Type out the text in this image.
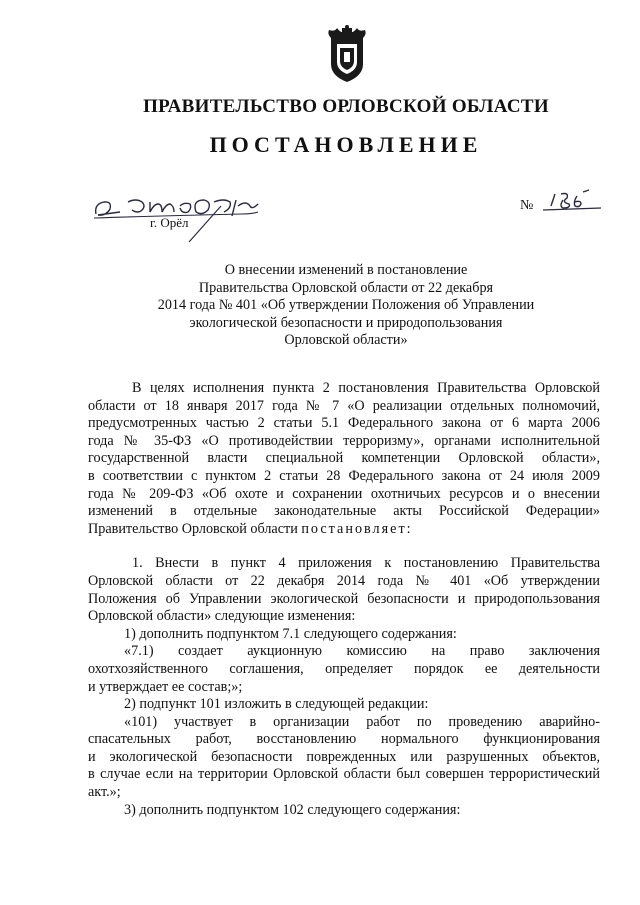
ПРАВИТЕЛЬСТВО ОРЛОВСКОЙ ОБЛАСТИ
ПОСТАНОВЛЕНИЕ
г. Орёл
№
О внесении изменений в постановление
Правительства Орловской области от 22 декабря
2014 года № 401 «Об утверждении Положения об Управлении
экологической безопасности и природопользования
Орловской области»
В целях исполнения пункта 2 постановления Правительства Орловской
области от 18 января 2017 года № 7 «О реализации отдельных полномочий,
предусмотренных частью 2 статьи 5.1 Федерального закона от 6 марта 2006
года № 35-ФЗ «О противодействии терроризму», органами исполнительной
государственной власти специальной компетенции Орловской области»,
в соответствии с пунктом 2 статьи 28 Федерального закона от 24 июля 2009
года № 209-ФЗ «Об охоте и сохранении охотничьих ресурсов и о внесении
изменений в отдельные законодательные акты Российской Федерации»
Правительство Орловской области постановляет:
1. Внести в пункт 4 приложения к постановлению Правительства
Орловской области от 22 декабря 2014 года № 401 «Об утверждении
Положения об Управлении экологической безопасности и природопользования
Орловской области» следующие изменения:
1) дополнить подпунктом 7.1 следующего содержания:
«7.1) создает аукционную комиссию на право заключения
охотхозяйственного соглашения, определяет порядок ее деятельности
и утверждает ее состав;»;
2) подпункт 101 изложить в следующей редакции:
«101) участвует в организации работ по проведению аварийно-
спасательных работ, восстановлению нормального функционирования
и экологической безопасности поврежденных или разрушенных объектов,
в случае если на территории Орловской области был совершен террористический
акт.»;
3) дополнить подпунктом 102 следующего содержания:
